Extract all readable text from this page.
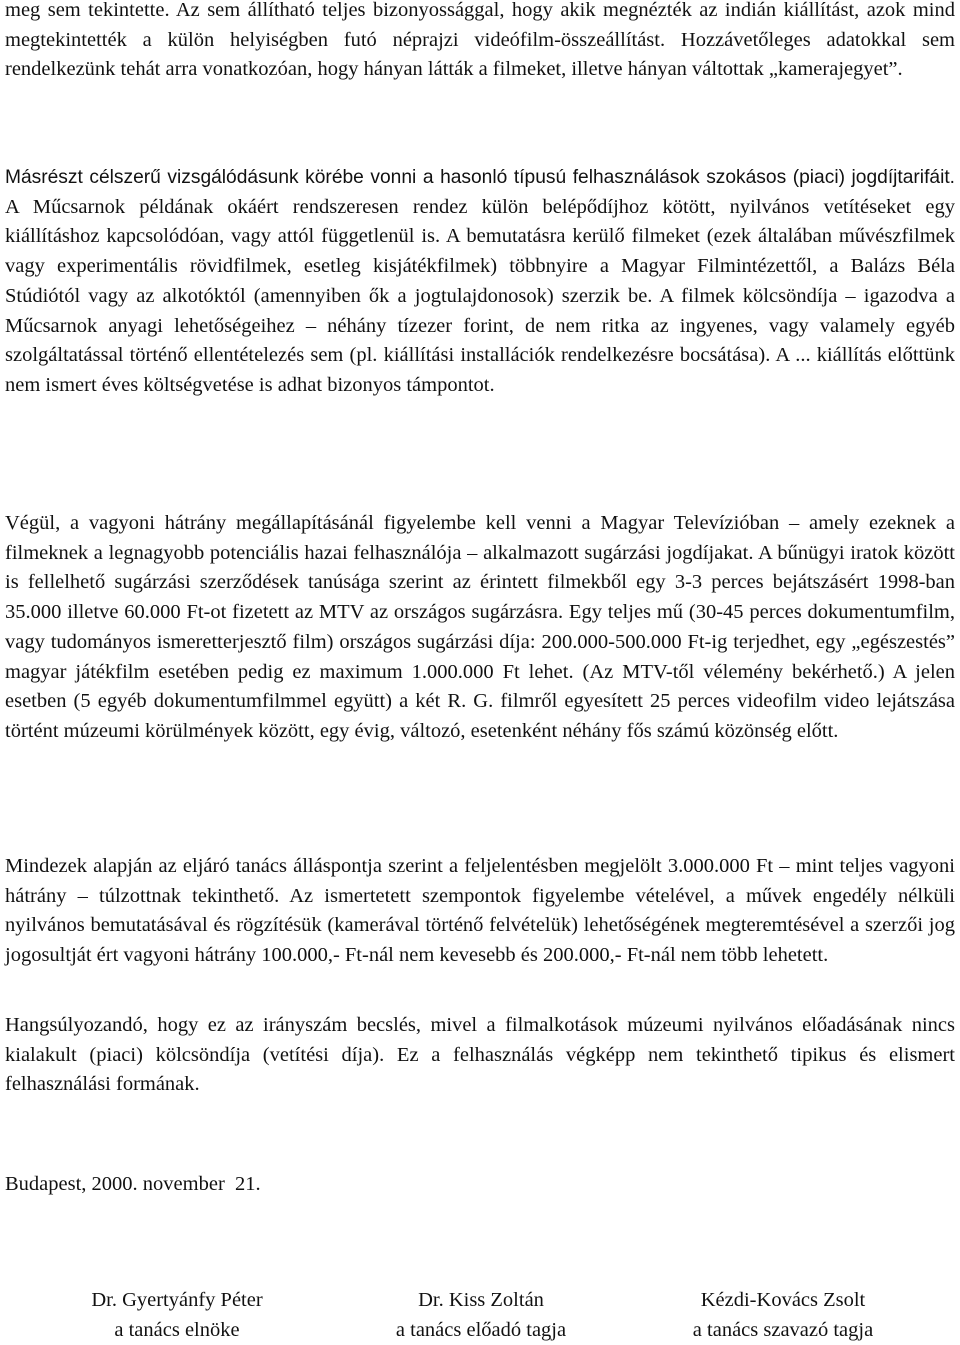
meg sem tekintette. Az sem állítható teljes bizonyossággal, hogy akik megnézték az indián kiállítást, azok mind megtekintették a külön helyiségben futó néprajzi videófilm-összeállítást. Hozzávetőleges adatokkal sem rendelkezünk tehát arra vonatkozóan, hogy hányan látták a filmeket, illetve hányan váltottak „kamerajegyet”.

Másrészt célszerű vizsgálódásunk körébe vonni a hasonló típusú felhasználások szokásos (piaci) jogdíjtarifáit. A Műcsarnok példának okáért rendszeresen rendez külön belépődíjhoz kötött, nyilvános vetítéseket egy kiállításhoz kapcsolódóan, vagy attól függetlenül is. A bemutatásra kerülő filmeket (ezek általában művészfilmek vagy experimentális rövidfilmek, esetleg kisjátékfilmek) többnyire a Magyar Filmintézettől, a Balázs Béla Stúdiótól vagy az alkotóktól (amennyiben ők a jogtulajdonosok) szerzik be. A filmek kölcsöndíja – igazodva a Műcsarnok anyagi lehetőségeihez – néhány tízezer forint, de nem ritka az ingyenes, vagy valamely egyéb szolgáltatással történő ellentételezés sem (pl. kiállítási installációk rendelkezésre bocsátása). A ... kiállítás előttünk nem ismert éves költségvetése is adhat bizonyos támpontot.

Végül, a vagyoni hátrány megállapításánál figyelembe kell venni a Magyar Televízióban – amely ezeknek a filmeknek a legnagyobb potenciális hazai felhasználója – alkalmazott sugárzási jogdíjakat. A bűnügyi iratok között is fellelhető sugárzási szerződések tanúsága szerint az érintett filmekből egy 3-3 perces bejátszásért 1998-ban 35.000 illetve 60.000 Ft-ot fizetett az MTV az országos sugárzásra. Egy teljes mű (30-45 perces dokumentumfilm, vagy tudományos ismeretterjesztő film) országos sugárzási díja: 200.000-500.000 Ft-ig terjedhet, egy „egészestés” magyar játékfilm esetében pedig ez maximum 1.000.000 Ft lehet. (Az MTV-től vélemény bekérhető.) A jelen esetben (5 egyéb dokumentumfilmmel együtt) a két R. G. filmről egyesített 25 perces videofilm video lejátszása történt múzeumi körülmények között, egy évig, változó, esetenként néhány fős számú közönség előtt.

Mindezek alapján az eljáró tanács álláspontja szerint a feljelentésben megjelölt 3.000.000 Ft – mint teljes vagyoni hátrány – túlzottnak tekinthető. Az ismertetett szempontok figyelembe vételével, a művek engedély nélküli nyilvános bemutatásával és rögzítésük (kamerával történő felvételük) lehetőségének megteremtésével a szerzői jog jogosultját ért vagyoni hátrány 100.000,- Ft-nál nem kevesebb és 200.000,- Ft-nál nem több lehetett.

Hangsúlyozandó, hogy ez az irányszám becslés, mivel a filmalkotások múzeumi nyilvános előadásának nincs kialakult (piaci) kölcsöndíja (vetítési díja). Ez a felhasználás végképp nem tekinthető tipikus és elismert felhasználási formának.

Budapest, 2000. november  21.

Dr. Gyertyánfy Péter
a tanács elnöke
Dr. Kiss Zoltán
a tanács előadó tagja
Kézdi-Kovács Zsolt
a tanács szavazó tagja
